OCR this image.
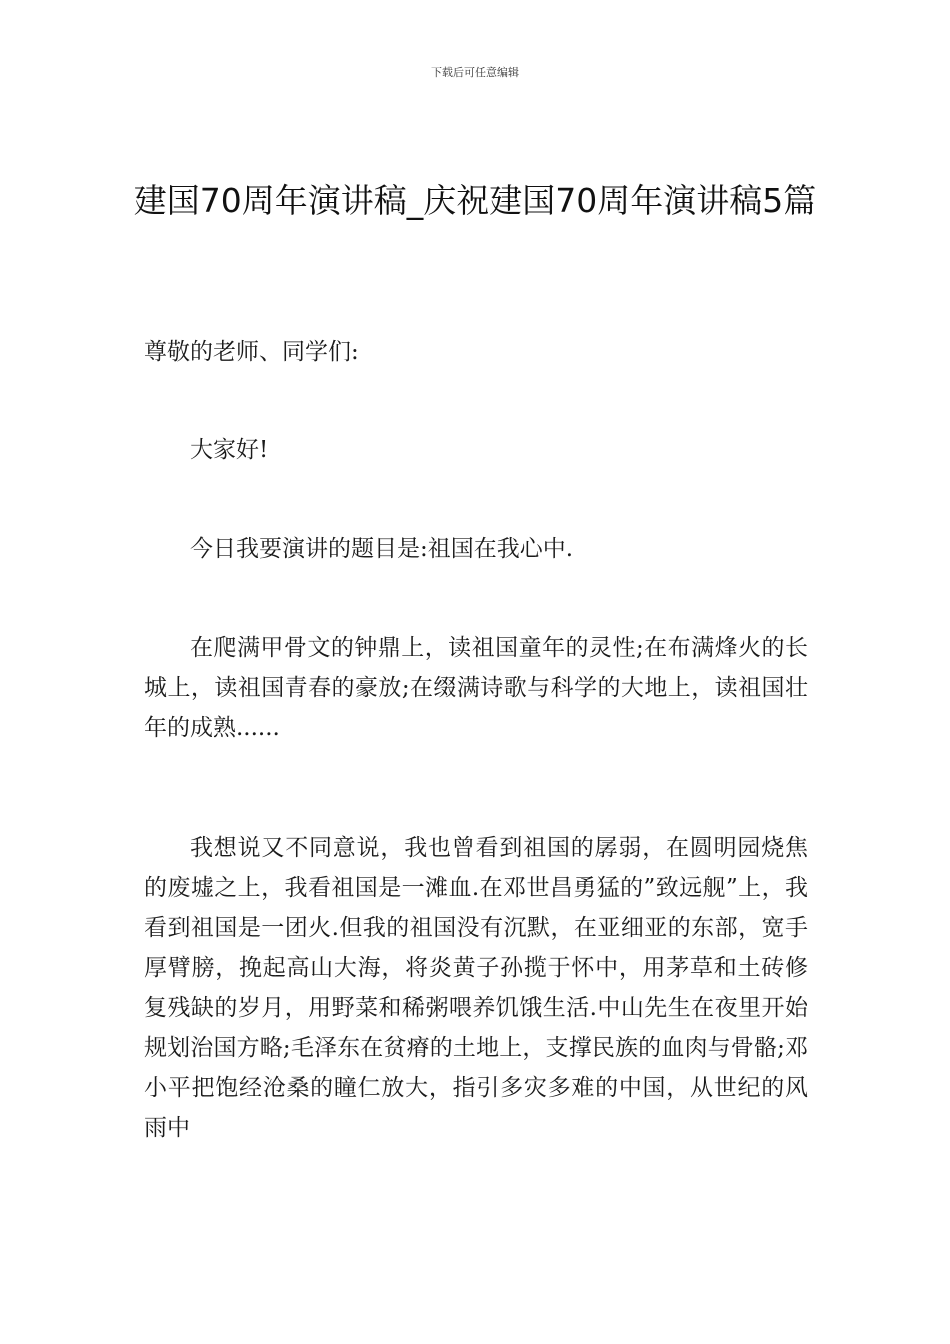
下载后可任意编辑
建国70周年演讲稿_庆祝建国70周年演讲稿5篇

尊敬的老师、同学们:

大家好!

今日我要演讲的题目是:祖国在我心中.

在爬满甲骨文的钟鼎上，读祖国童年的灵性;在布满烽火的长城上，读祖国青春的豪放;在缀满诗歌与科学的大地上，读祖国壮年的成熟......

我想说又不同意说，我也曾看到祖国的孱弱，在圆明园烧焦的废墟之上，我看祖国是一滩血.在邓世昌勇猛的”致远舰”上，我看到祖国是一团火.但我的祖国没有沉默，在亚细亚的东部，宽手厚臂膀，挽起高山大海，将炎黄子孙揽于怀中，用茅草和土砖修复残缺的岁月，用野菜和稀粥喂养饥饿生活.中山先生在夜里开始规划治国方略;毛泽东在贫瘠的土地上，支撑民族的血肉与骨骼;邓小平把饱经沧桑的瞳仁放大，指引多灾多难的中国，从世纪的风雨中
